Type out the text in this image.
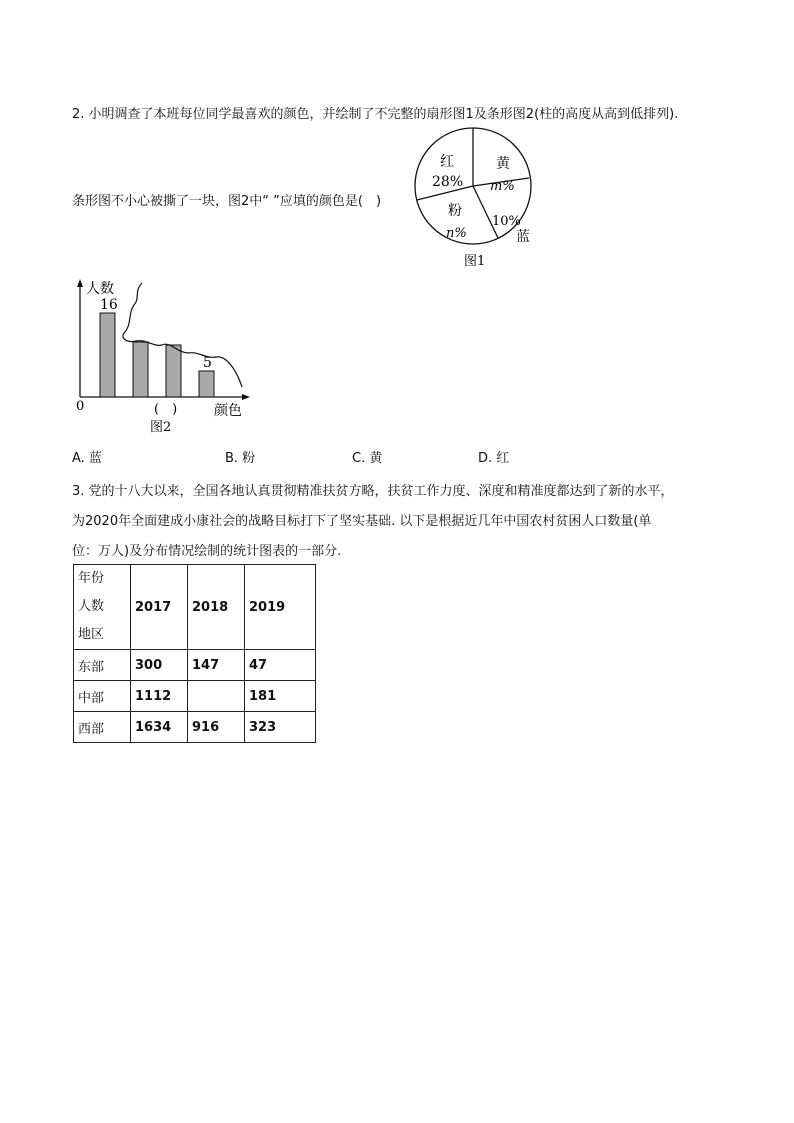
2. 小明调查了本班每位同学最喜欢的颜色，并绘制了不完整的扇形图1及条形图2(柱的高度从高到低排列).
条形图不小心被撕了一块，图2中“ ”应填的颜色是(　)
红
28%
黄
m%
粉
n%
10%
蓝
图1
人数
0	颜色
16
5
(　)
图2
A. 蓝	B. 粉	C. 黄	D. 红
3. 党的十八大以来，全国各地认真贯彻精准扶贫方略，扶贫工作力度、深度和精准度都达到了新的水平，
为2020年全面建成小康社会的战略目标打下了坚实基础. 以下是根据近几年中国农村贫困人口数量(单
位：万人)及分布情况绘制的统计图表的一部分.
年份
人数
地区	2017	2018	2019
东部	300	147	47
中部	1112		181
西部	1634	916	323
